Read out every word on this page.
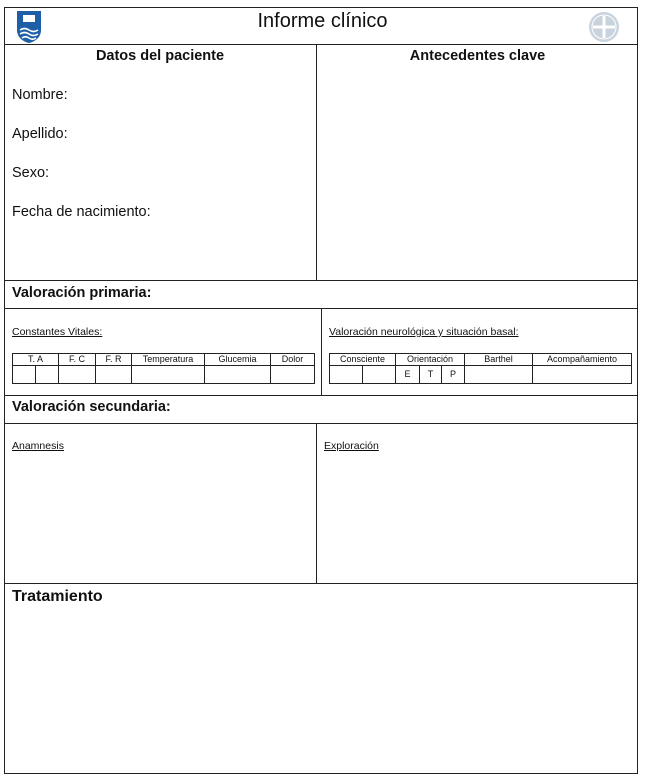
Informe clínico
Datos del paciente
Nombre:
Apellido:
Sexo:
Fecha de nacimiento:
Antecedentes clave
Valoración primaria:
Constantes Vitales:
T. A		F. C	F. R	Temperatura	Glucemia	Dolor

Valoración neurológica y situación basal:
Consciente		Orientación			Barthel	Acompañamiento
		E	T	P		
Valoración secundaria:
Anamnesis	Exploración
Tratamiento
